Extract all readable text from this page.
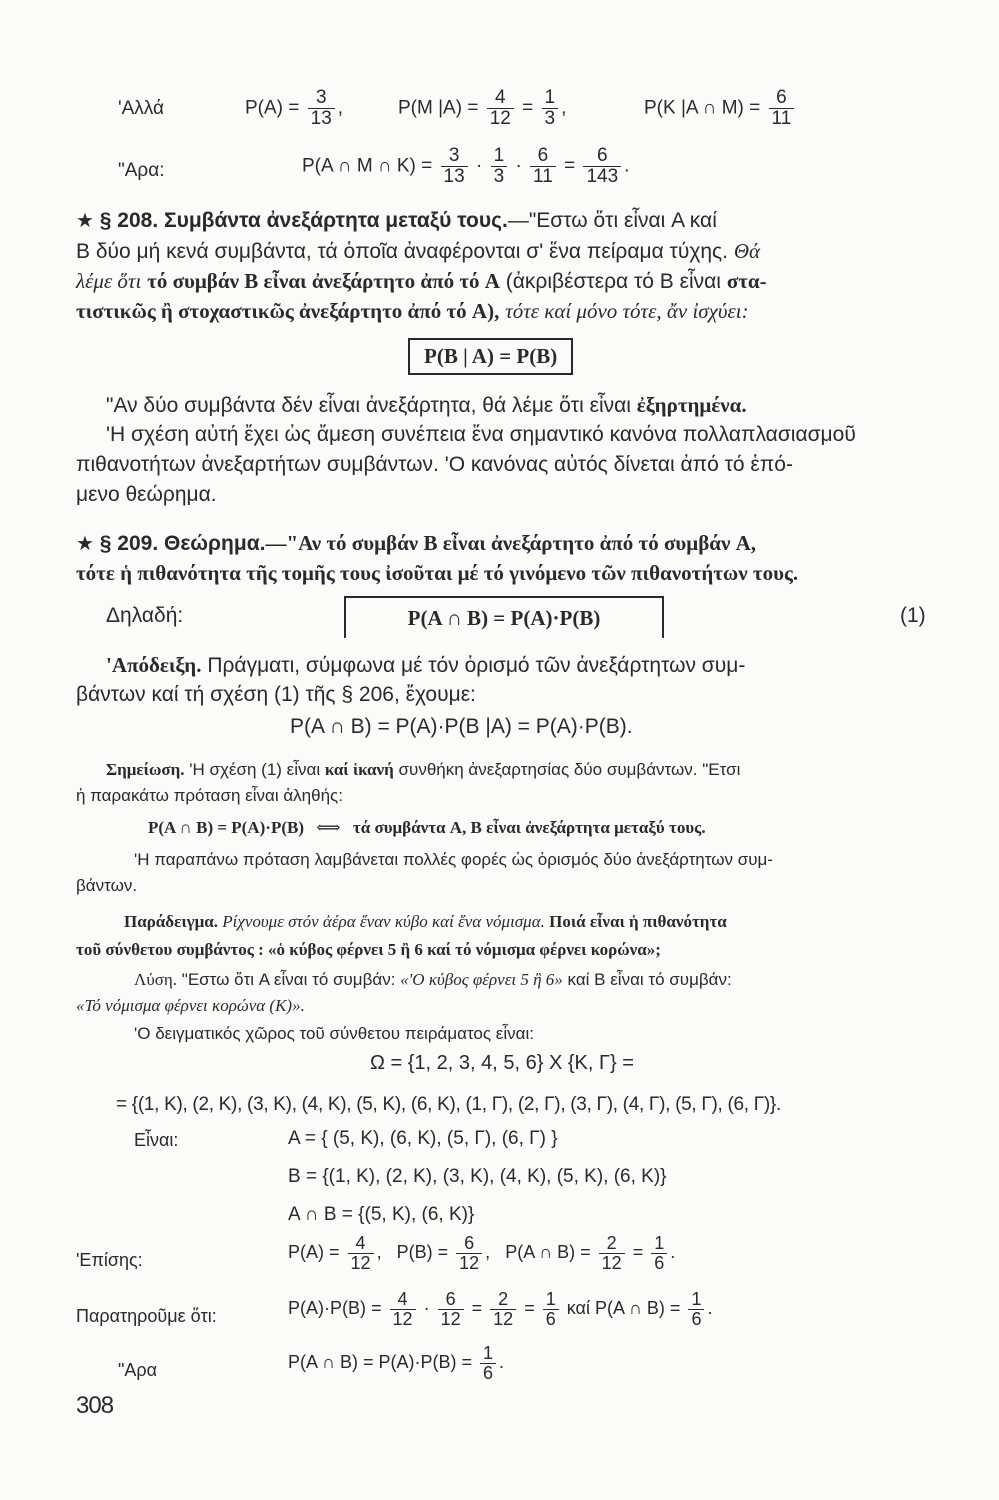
'Αλλά	$P(A) = \frac{3}{13}$ ,	P(M $|A) = \frac{4}{12} = \frac{1}{3}$ ,	P(K |A ∩ $M) = \frac{6}{11}$
"Αρα:	P(A ∩ M ∩ $K) = \frac{3}{13} \cdot \frac{1}{3} \cdot \frac{6}{11} = \frac{6}{143}$ .
★ § 208. Συμβάντα ἀνεξάρτητα μεταξύ τους.—"Εστω ὅτι εἶναι A καί
B δύο μή κενά συμβάντα, τά ὁποῖα ἀναφέρονται σ' ἕνα πείραμα τύχης. Θά
λέμε ὅτι τό συμβάν B εἶναι ἀνεξάρτητο ἀπό τό A (ἀκριβέστερα τό B εἶναι στα-
τιστικῶς ἢ στοχαστικῶς ἀνεξάρτητο ἀπό τό A), τότε καί μόνο τότε, ἄν ἰσχύει:
P(B | A) = P(B)
"Αν δύο συμβάντα δέν εἶναι ἀνεξάρτητα, θά λέμε ὅτι εἶναι ἐξηρτημένα.
'Η σχέση αὐτή ἔχει ὡς ἄμεση συνέπεια ἕνα σημαντικό κανόνα πολλαπλασιασμοῦ
πιθανοτήτων ἀνεξαρτήτων συμβάντων. 'Ο κανόνας αὐτός δίνεται ἀπό τό ἑπό-
μενο θεώρημα.
★ § 209. Θεώρημα.—"Αν τό συμβάν B εἶναι ἀνεξάρτητο ἀπό τό συμβάν A,
τότε ἡ πιθανότητα τῆς τομῆς τους ἰσοῦται μέ τό γινόμενο τῶν πιθανοτήτων τους.
Δηλαδή:	P(A ∩ B) = P(A)·P(B)	(1)
'Απόδειξη. Πράγματι, σύμφωνα μέ τόν ὁρισμό τῶν ἀνεξάρτητων συμ-
βάντων καί τή σχέση (1) τῆς § 206, ἔχουμε:
P(A ∩ B) = P(A)·P(B |A) = P(A)·P(B).
Σημείωση. 'Η σχέση (1) εἶναι καί ἱκανή συνθήκη ἀνεξαρτησίας δύο συμβάντων. "Ετσι
ἡ παρακάτω πρόταση εἶναι ἀληθής:
P(A ∩ B) = P(A)·P(B) ⟺ τά συμβάντα A, B εἶναι ἀνεξάρτητα μεταξύ τους.
'Η παραπάνω πρόταση λαμβάνεται πολλές φορές ὡς ὁρισμός δύο ἀνεξάρτητων συμ-
βάντων.
Παράδειγμα. Ρίχνουμε στόν ἀέρα ἕναν κύβο καί ἕνα νόμισμα. Ποιά εἶναι ἡ πιθανότητα
τοῦ σύνθετου συμβάντος : «ὁ κύβος φέρνει 5 ἢ 6 καί τό νόμισμα φέρνει κορώνα»;
Λύση. "Εστω ὅτι A εἶναι τό συμβάν: «'Ο κύβος φέρνει 5 ἢ 6» καί B εἶναι τό συμβάν:
«Τό νόμισμα φέρνει κορώνα (K)».
'Ο δειγματικός χῶρος τοῦ σύνθετου πειράματος εἶναι:
Ω = {1, 2, 3, 4, 5, 6} X {K, Γ} =
= {(1, K), (2, K), (3, K), (4, K), (5, K), (6, K), (1, Γ), (2, Γ), (3, Γ), (4, Γ), (5, Γ), (6, Γ)}.
Εἶναι:	A = { (5, K), (6, K), (5, Γ), (6, Γ) }
B = {(1, K), (2, K), (3, K), (4, K), (5, K), (6, K)}
A ∩ B = {(5, K), (6, K)}
'Επίσης:	$P(A) = \frac{4}{12}$ , $P(B) = \frac{6}{12}$ , P(A ∩ $B) = \frac{2}{12} = \frac{1}{6}$ .
Παρατηροῦμε ὅτι:	$P(A)\cdot P(B) = \frac{4}{12} \cdot \frac{6}{12} = \frac{2}{12} = \frac{1}{6}$ καί P(A ∩ $B) = \frac{1}{6}$ .
"Αρα	P(A ∩ $B) = P(A)\cdot P(B) = \frac{1}{6}$ .
308
